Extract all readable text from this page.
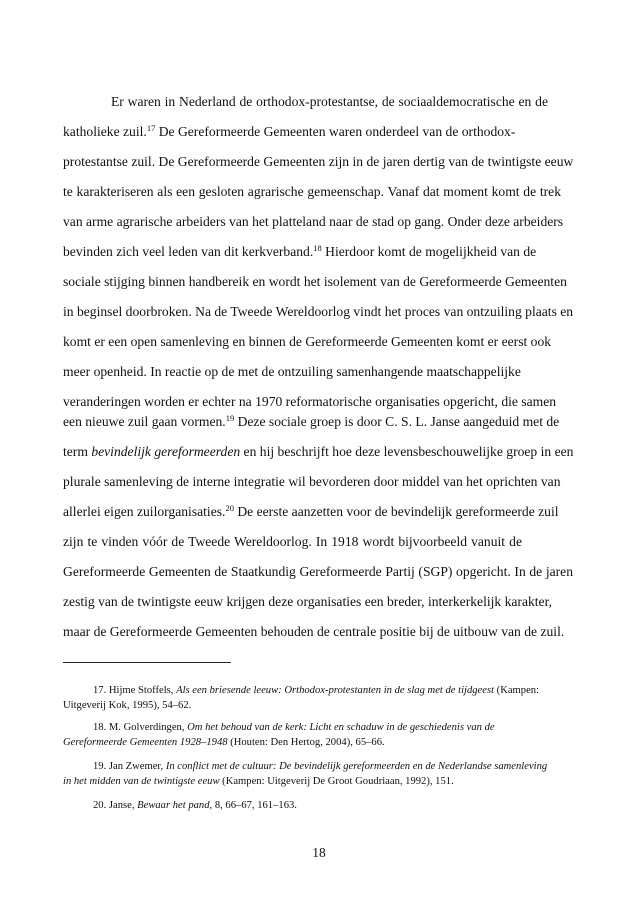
Er waren in Nederland de orthodox-protestantse, de sociaaldemocratische en de
katholieke zuil.$^{17}$ De Gereformeerde Gemeenten waren onderdeel van de orthodox-
protestantse zuil. De Gereformeerde Gemeenten zijn in de jaren dertig van de twintigste eeuw
te karakteriseren als een gesloten agrarische gemeenschap. Vanaf dat moment komt de trek
van arme agrarische arbeiders van het platteland naar de stad op gang. Onder deze arbeiders
bevinden zich veel leden van dit kerkverband.$^{18}$ Hierdoor komt de mogelijkheid van de
sociale stijging binnen handbereik en wordt het isolement van de Gereformeerde Gemeenten
in beginsel doorbroken. Na de Tweede Wereldoorlog vindt het proces van ontzuiling plaats en
komt er een open samenleving en binnen de Gereformeerde Gemeenten komt er eerst ook
meer openheid. In reactie op de met de ontzuiling samenhangende maatschappelijke
veranderingen worden er echter na 1970 reformatorische organisaties opgericht, die samen
een nieuwe zuil gaan vormen.$^{19}$ Deze sociale groep is door C. S. L. Janse aangeduid met de
term bevindelijk gereformeerden en hij beschrijft hoe deze levensbeschouwelijke groep in een
plurale samenleving de interne integratie wil bevorderen door middel van het oprichten van
allerlei eigen zuilorganisaties.$^{20}$ De eerste aanzetten voor de bevindelijk gereformeerde zuil
zijn te vinden vóór de Tweede Wereldoorlog. In 1918 wordt bijvoorbeeld vanuit de
Gereformeerde Gemeenten de Staatkundig Gereformeerde Partij (SGP) opgericht. In de jaren
zestig van de twintigste eeuw krijgen deze organisaties een breder, interkerkelijk karakter,
maar de Gereformeerde Gemeenten behouden de centrale positie bij de uitbouw van de zuil.
17. Hijme Stoffels, Als een briesende leeuw: Orthodox-protestanten in de slag met de tijdgeest (Kampen:
Uitgeverij Kok, 1995), 54–62.
18. M. Golverdingen, Om het behoud van de kerk: Licht en schaduw in de geschiedenis van de
Gereformeerde Gemeenten 1928–1948 (Houten: Den Hertog, 2004), 65–66.
19. Jan Zwemer, In conflict met de cultuur: De bevindelijk gereformeerden en de Nederlandse samenleving
in het midden van de twintigste eeuw (Kampen: Uitgeverij De Groot Goudriaan, 1992), 151.
20. Janse, Bewaar het pand, 8, 66–67, 161–163.
18
